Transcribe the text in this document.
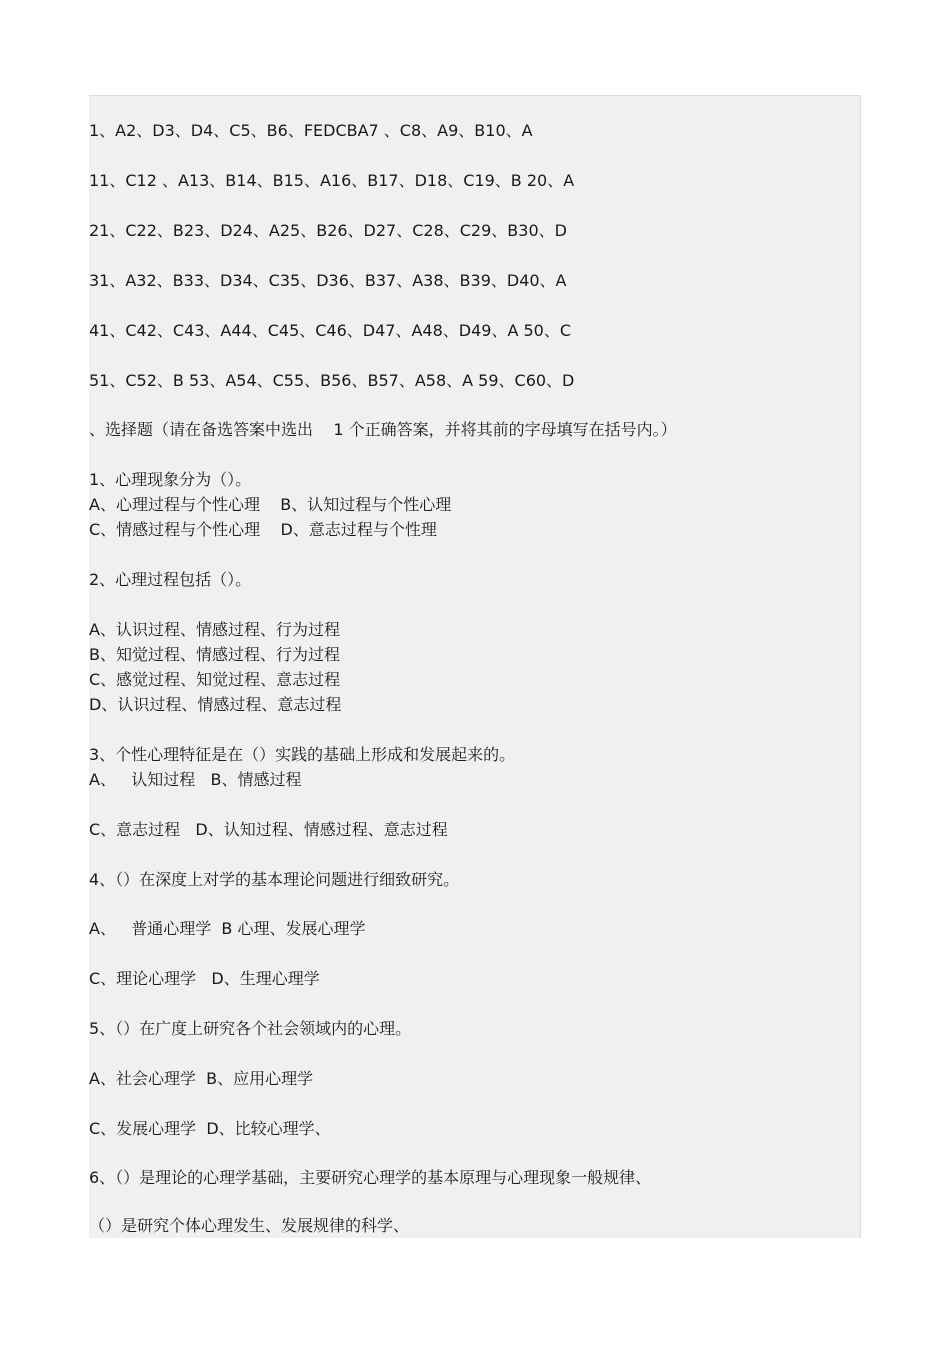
1、A2、D3、D4、C5、B6、FEDCBA7 、C8、A9、B10、A
11、C12 、A13、B14、B15、A16、B17、D18、C19、B 20、A
21、C22、B23、D24、A25、B26、D27、C28、C29、B30、D
31、A32、B33、D34、C35、D36、B37、A38、B39、D40、A
41、C42、C43、A44、C45、C46、D47、A48、D49、A 50、C
51、C52、B 53、A54、C55、B56、B57、A58、A 59、C60、D
、选择题（请在备选答案中选出    1 个正确答案，并将其前的字母填写在括号内。）
1、心理现象分为（）。
A、心理过程与个性心理    B、认知过程与个性心理
C、情感过程与个性心理    D、意志过程与个性理
2、心理过程包括（）。
A、认识过程、情感过程、行为过程
B、知觉过程、情感过程、行为过程
C、感觉过程、知觉过程、意志过程
D、认识过程、情感过程、意志过程
3、个性心理特征是在（）实践的基础上形成和发展起来的。
A、   认知过程   B、情感过程
C、意志过程   D、认知过程、情感过程、意志过程
4、（）在深度上对学的基本理论问题进行细致研究。
A、   普通心理学  B 心理、发展心理学
C、理论心理学   D、生理心理学
5、（）在广度上研究各个社会领域内的心理。
A、社会心理学  B、应用心理学
C、发展心理学  D、比较心理学、
6、（）是理论的心理学基础，主要研究心理学的基本原理与心理现象一般规律、
（）是研究个体心理发生、发展规律的科学、
